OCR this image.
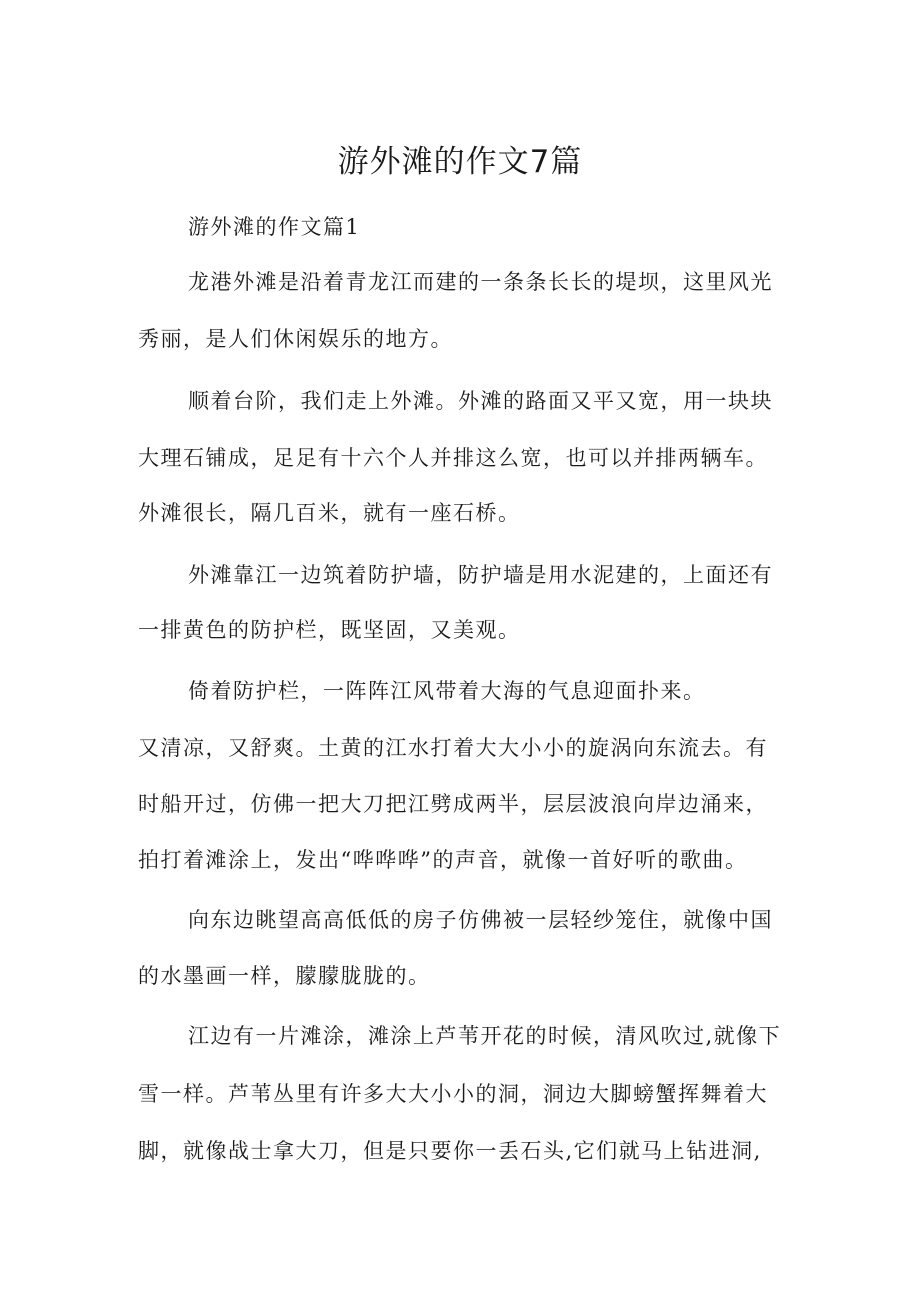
游外滩的作文7篇

游外滩的作文篇1

龙港外滩是沿着青龙江而建的一条条长长的堤坝，这里风光

秀丽，是人们休闲娱乐的地方。

顺着台阶，我们走上外滩。外滩的路面又平又宽，用一块块

大理石铺成，足足有十六个人并排这么宽，也可以并排两辆车。

外滩很长，隔几百米，就有一座石桥。

外滩靠江一边筑着防护墙，防护墙是用水泥建的，上面还有

一排黄色的防护栏，既坚固，又美观。

倚着防护栏，一阵阵江风带着大海的气息迎面扑来。

又清凉，又舒爽。土黄的江水打着大大小小的旋涡向东流去。有

时船开过，仿佛一把大刀把江劈成两半，层层波浪向岸边涌来，

拍打着滩涂上，发出“哗哗哗”的声音，就像一首好听的歌曲。

向东边眺望高高低低的房子仿佛被一层轻纱笼住，就像中国

的水墨画一样，朦朦胧胧的。

江边有一片滩涂，滩涂上芦苇开花的时候，清风吹过,就像下

雪一样。芦苇丛里有许多大大小小的洞，洞边大脚螃蟹挥舞着大

脚，就像战士拿大刀，但是只要你一丢石头,它们就马上钻进洞,
